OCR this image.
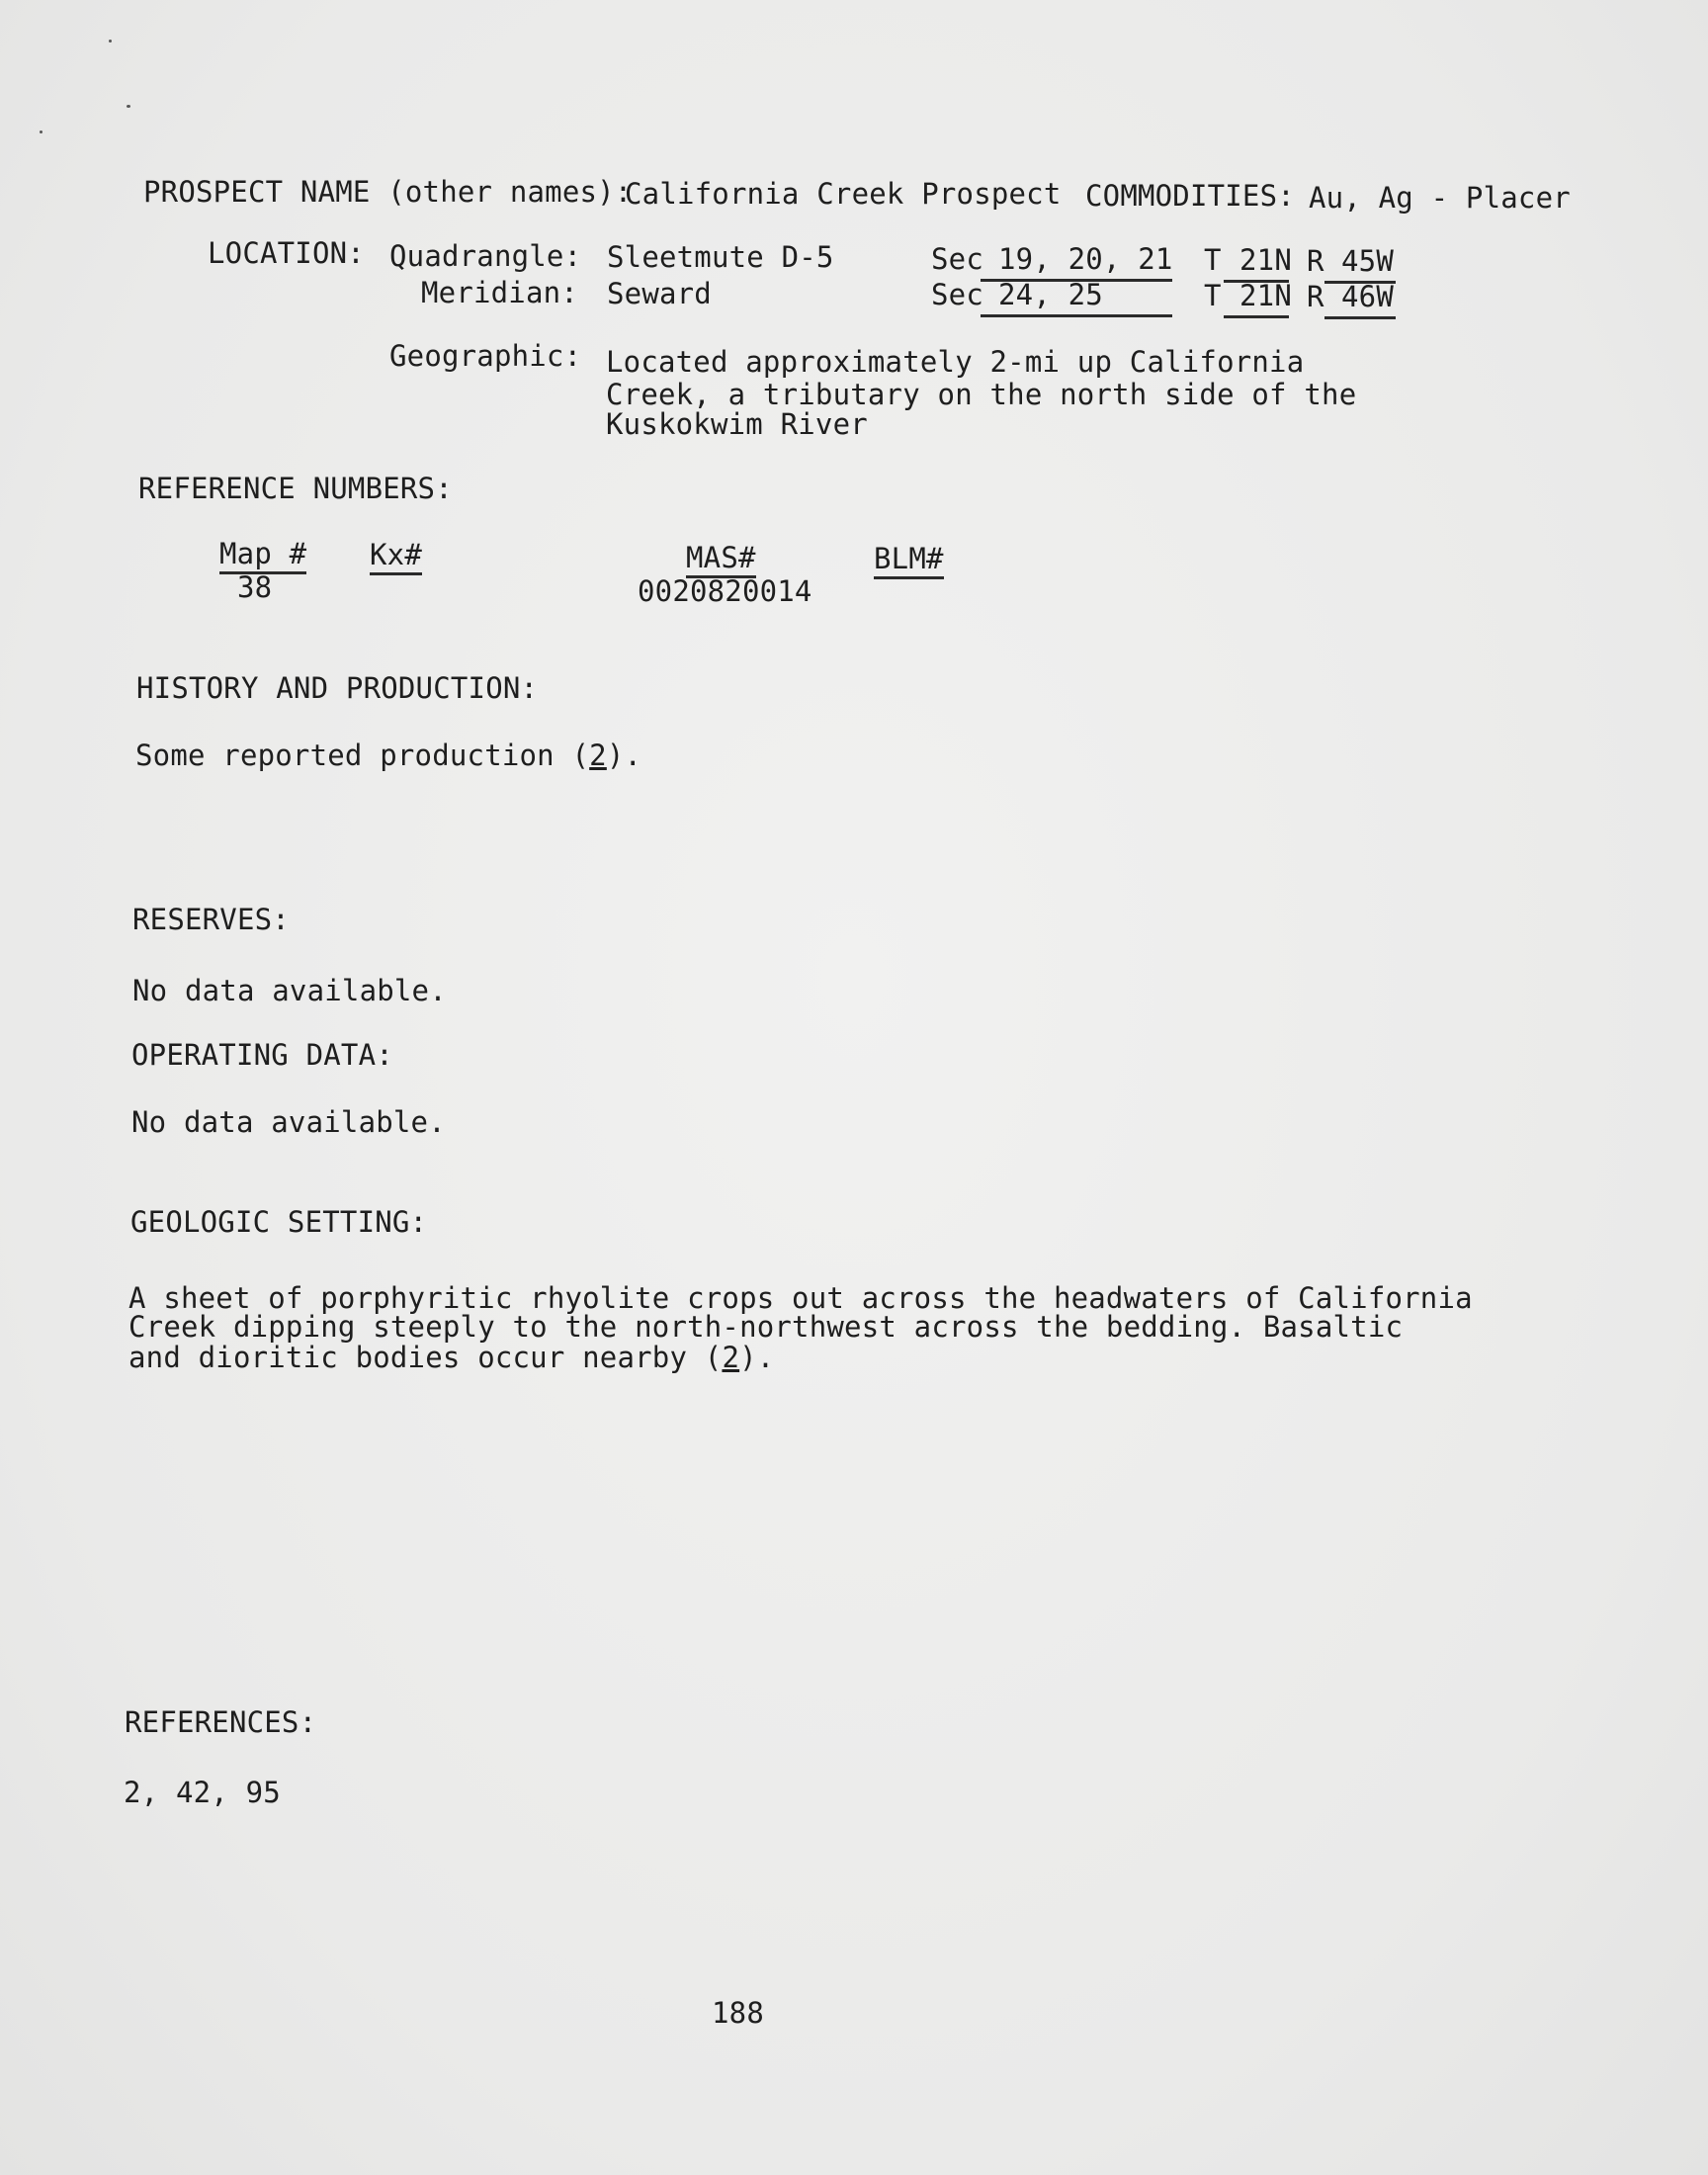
PROSPECT NAME (other names):
California Creek Prospect COMMODITIES: Au, Ag - Placer
LOCATION: Quadrangle: Sleetmute D-5
Meridian: Seward
Sec 19, 20, 21 T 21N R 45W
Sec 24, 25	T 21N R 46W
Geographic: Located approximately 2-mi up California
Creek, a tributary on the north side of the
Kuskokwim River
REFERENCE NUMBERS:
Map #
38
Kx#	MAS#
0020820014
BLM#
HISTORY AND PRODUCTION:
Some reported production (2).
RESERVES:
No data available.
OPERATING DATA:
No data available.
GEOLOGIC SETTING:
A sheet of porphyritic rhyolite crops out across the headwaters of California
Creek dipping steeply to the north-northwest across the bedding. Basaltic
and dioritic bodies occur nearby (2).
REFERENCES:
2, 42, 95
188
